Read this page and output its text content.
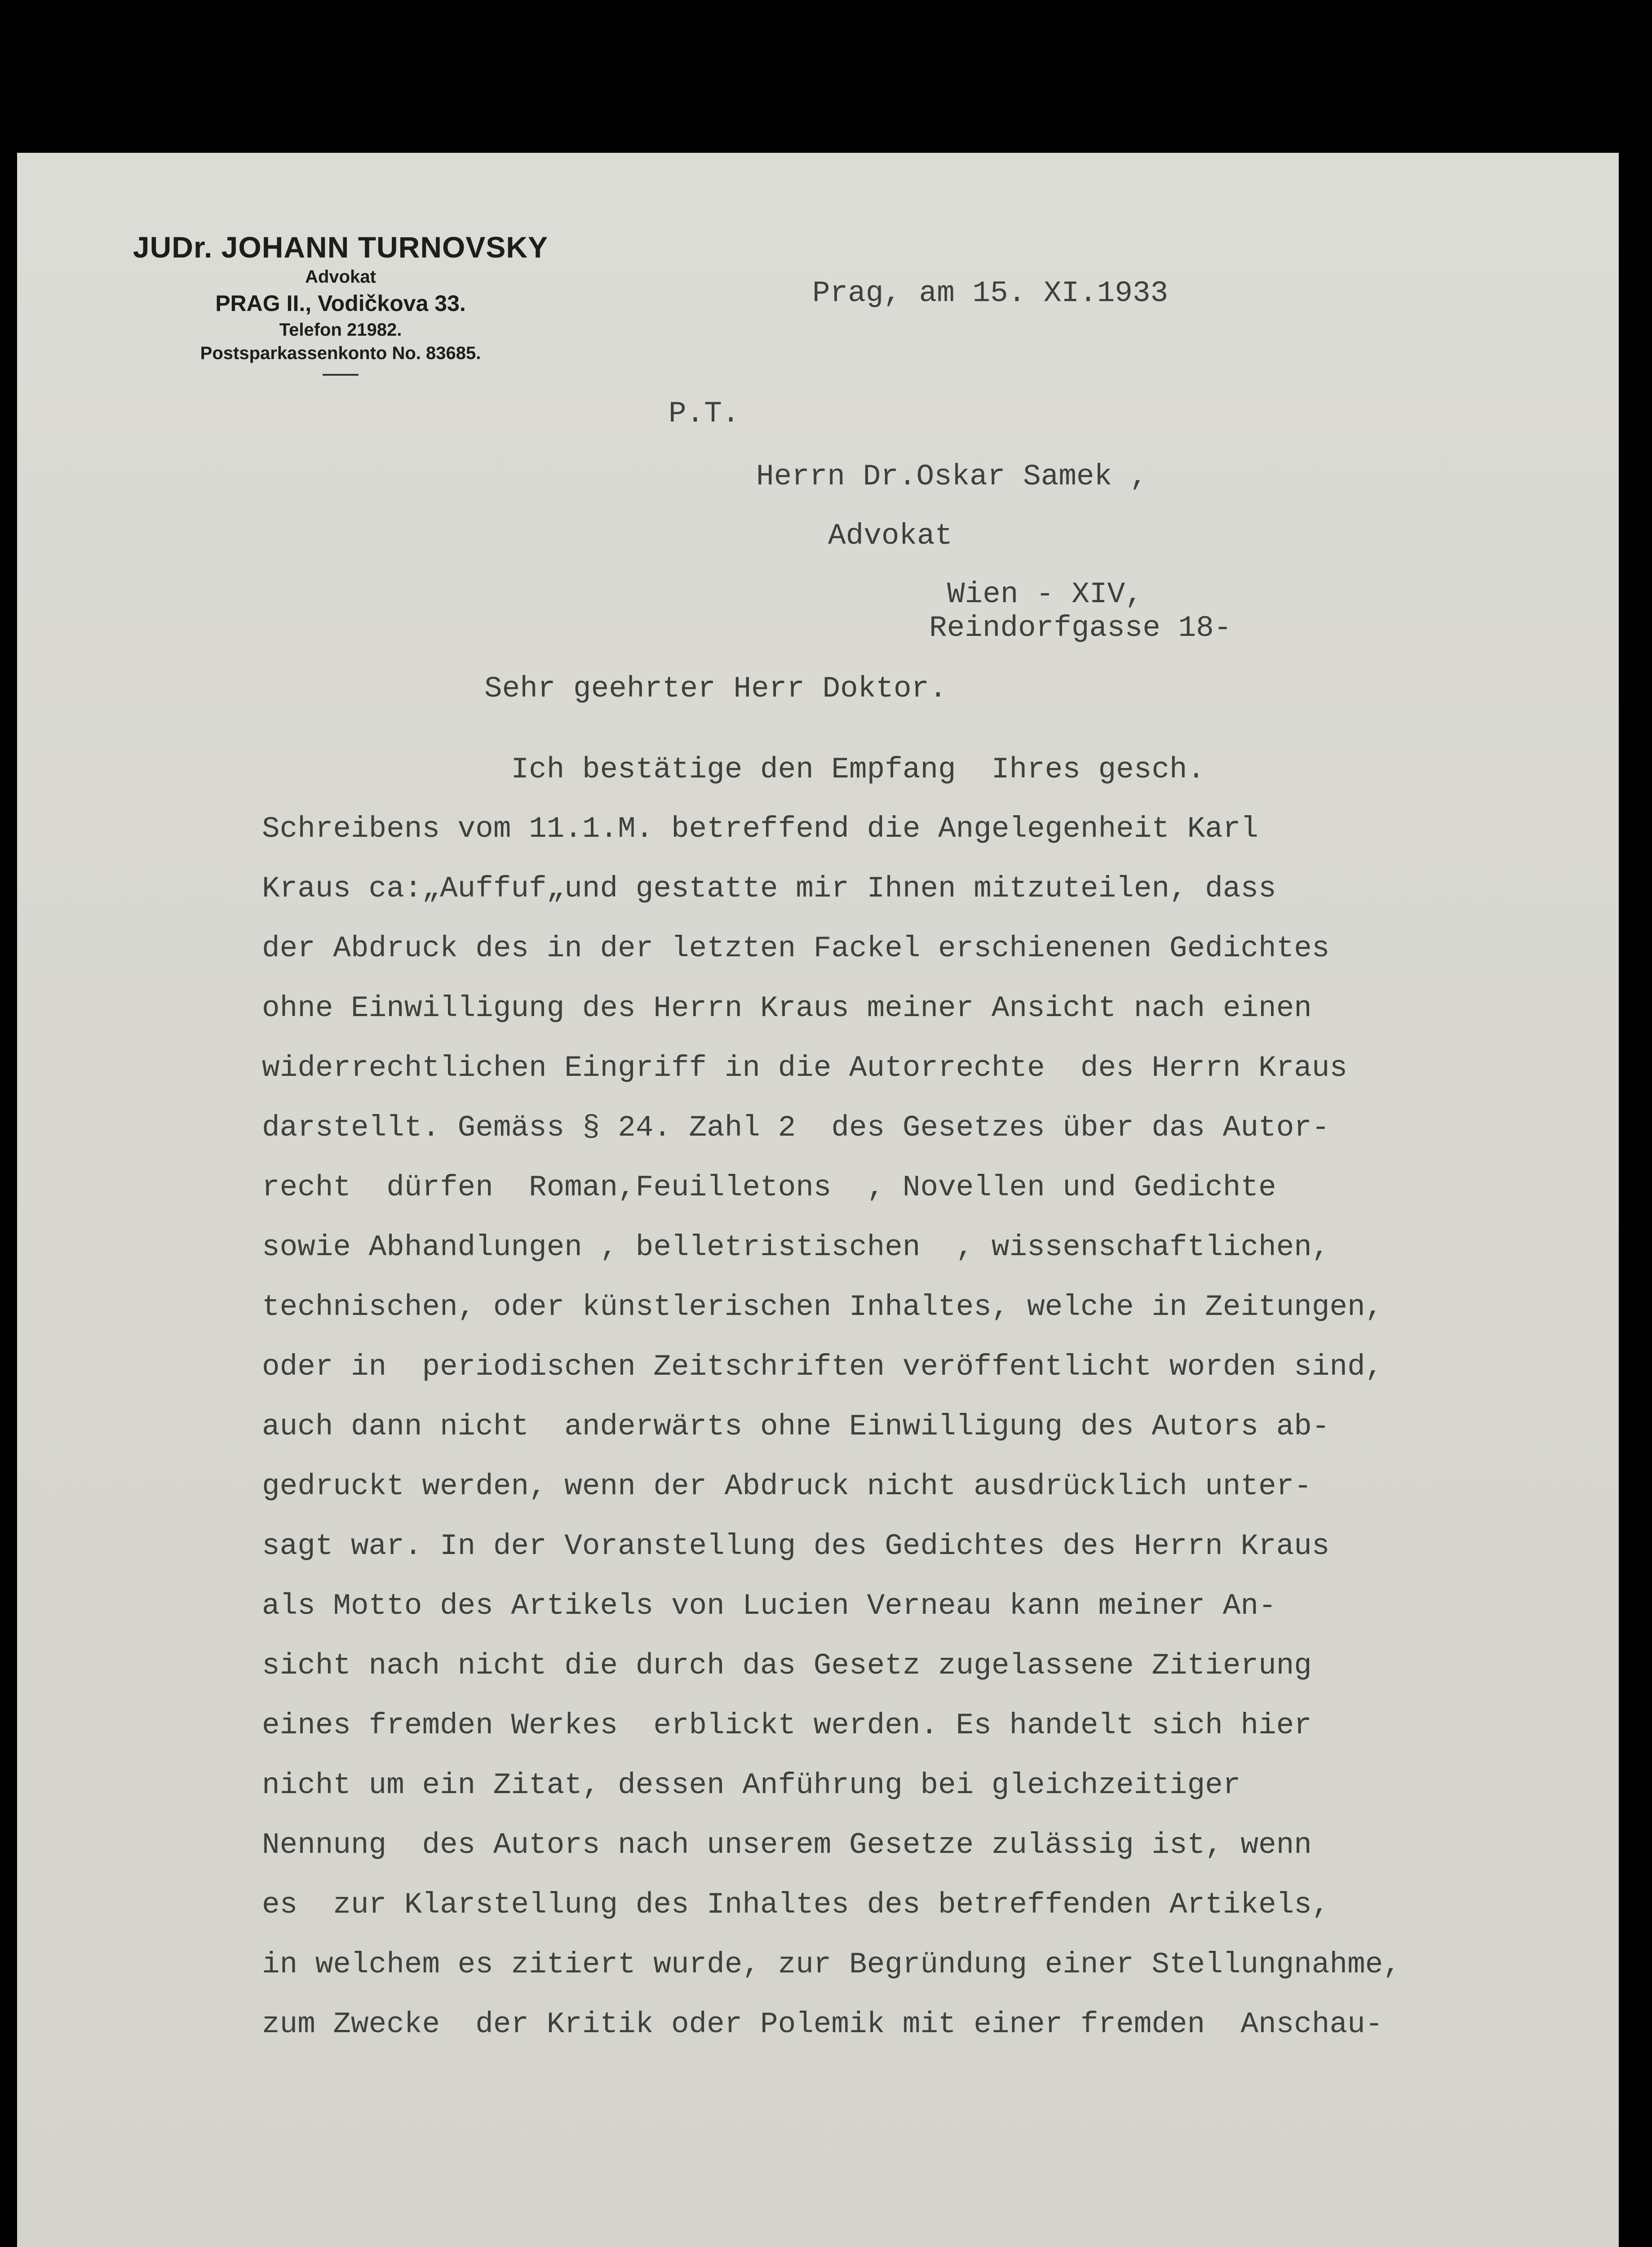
JUDr. JOHANN TURNOVSKY
Advokat
PRAG II., Vodičkova 33.
Telefon 21982.
Postsparkassenkonto No. 83685.
Prag, am 15. XI.1933
P.T.
Herrn Dr.Oskar Samek ,
Advokat
Wien - XIV,
Reindorfgasse 18-
Sehr geehrter Herr Doktor.
Ich bestätige den Empfang  Ihres gesch.
Schreibens vom 11.1.M. betreffend die Angelegenheit Karl
Kraus ca:„Auffuf„und gestatte mir Ihnen mitzuteilen, dass
der Abdruck des in der letzten Fackel erschienenen Gedichtes
ohne Einwilligung des Herrn Kraus meiner Ansicht nach einen
widerrechtlichen Eingriff in die Autorrechte  des Herrn Kraus
darstellt. Gemäss § 24. Zahl 2  des Gesetzes über das Autor-
recht  dürfen  Roman,Feuilletons  , Novellen und Gedichte
sowie Abhandlungen , belletristischen  , wissenschaftlichen,
technischen, oder künstlerischen Inhaltes, welche in Zeitungen,
oder in  periodischen Zeitschriften veröffentlicht worden sind,
auch dann nicht  anderwärts ohne Einwilligung des Autors ab-
gedruckt werden, wenn der Abdruck nicht ausdrücklich unter-
sagt war. In der Voranstellung des Gedichtes des Herrn Kraus
als Motto des Artikels von Lucien Verneau kann meiner An-
sicht nach nicht die durch das Gesetz zugelassene Zitierung
eines fremden Werkes  erblickt werden. Es handelt sich hier
nicht um ein Zitat, dessen Anführung bei gleichzeitiger
Nennung  des Autors nach unserem Gesetze zulässig ist, wenn
es  zur Klarstellung des Inhaltes des betreffenden Artikels,
in welchem es zitiert wurde, zur Begründung einer Stellungnahme,
zum Zwecke  der Kritik oder Polemik mit einer fremden  Anschau-
